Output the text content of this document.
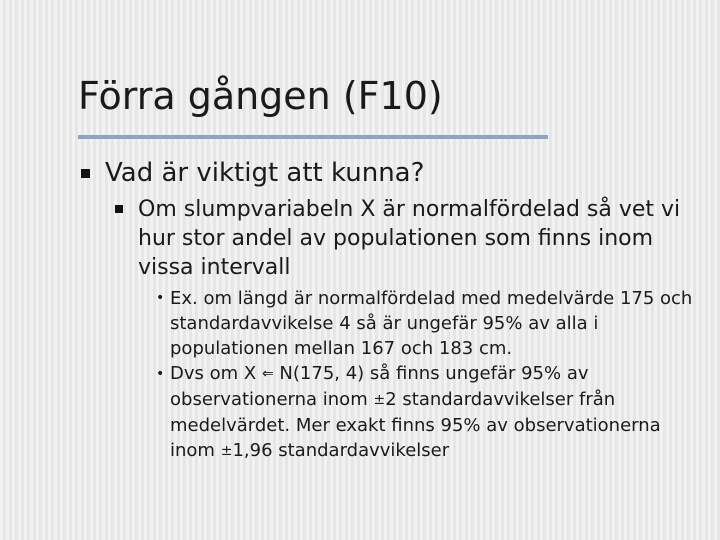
Förra gången (F10)
Vad är viktigt att kunna?
Om slumpvariabeln X är normalfördelad så vet vi hur stor andel av populationen som finns inom vissa intervall
•
•

Ex. om längd är normalfördelad med medelvärde 175 och standardavvikelse 4 så är ungefär 95% av alla i populationen mellan 167 och 183 cm.

Dvs om X ⇐ N(175, 4) så finns ungefär 95% av observationerna inom ±2 standardavvikelser från medelvärdet. Mer exakt finns 95% av observationerna inom ±1,96 standardavvikelser
